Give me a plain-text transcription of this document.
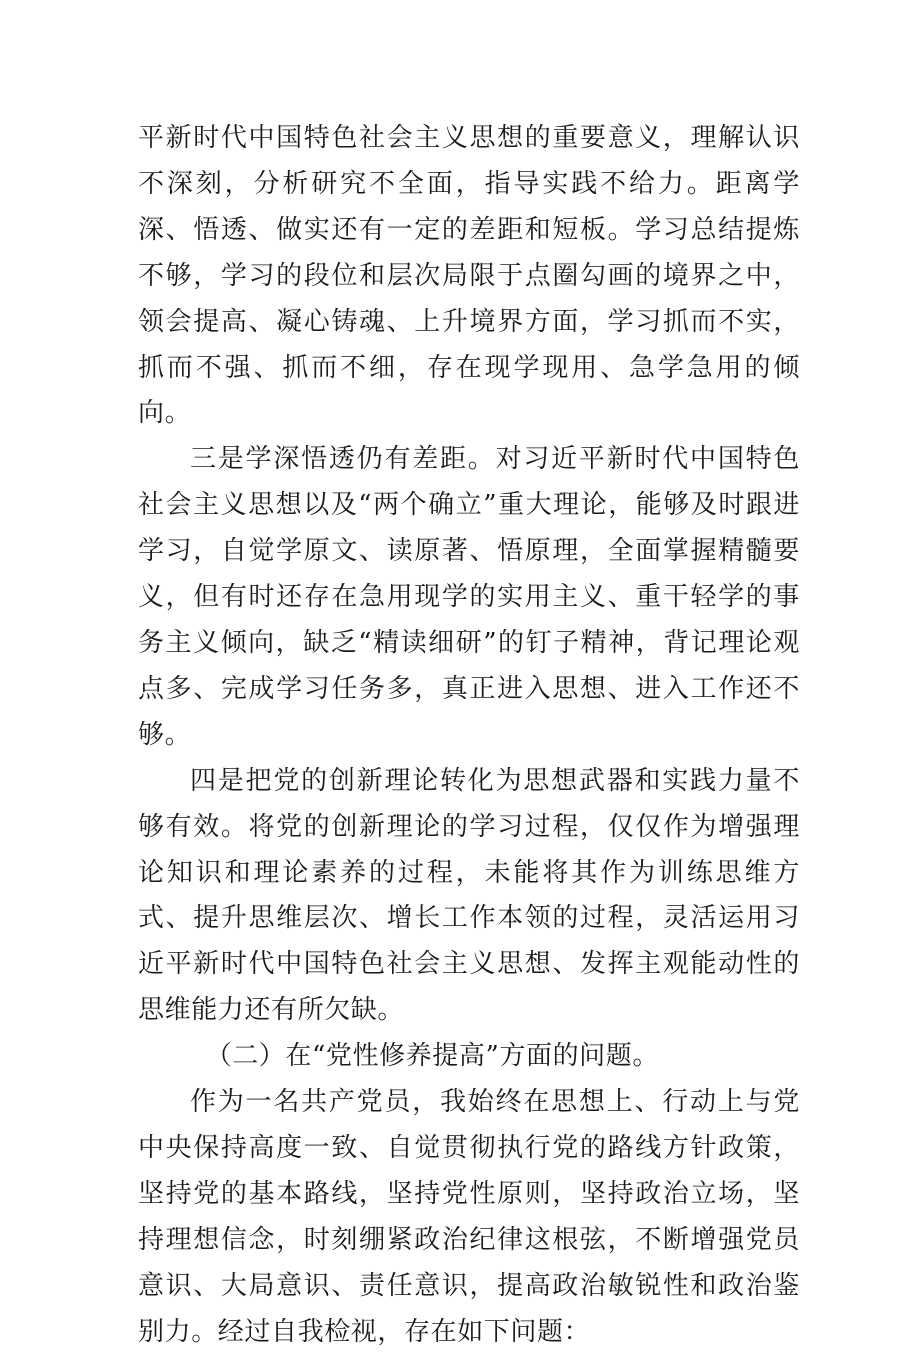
平新时代中国特色社会主义思想的重要意义，理解认识不深刻，分析研究不全面，指导实践不给力。距离学深、悟透、做实还有一定的差距和短板。学习总结提炼不够，学习的段位和层次局限于点圈勾画的境界之中，领会提高、凝心铸魂、上升境界方面，学习抓而不实，抓而不强、抓而不细，存在现学现用、急学急用的倾向。

三是学深悟透仍有差距。对习近平新时代中国特色社会主义思想以及“两个确立”重大理论，能够及时跟进学习，自觉学原文、读原著、悟原理，全面掌握精髓要义，但有时还存在急用现学的实用主义、重干轻学的事务主义倾向，缺乏“精读细研”的钉子精神，背记理论观点多、完成学习任务多，真正进入思想、进入工作还不够。

四是把党的创新理论转化为思想武器和实践力量不够有效。将党的创新理论的学习过程，仅仅作为增强理论知识和理论素养的过程，未能将其作为训练思维方式、提升思维层次、增长工作本领的过程，灵活运用习近平新时代中国特色社会主义思想、发挥主观能动性的思维能力还有所欠缺。

（二）在“党性修养提高”方面的问题。

作为一名共产党员，我始终在思想上、行动上与党中央保持高度一致、自觉贯彻执行党的路线方针政策，坚持党的基本路线，坚持党性原则，坚持政治立场，坚持理想信念，时刻绷紧政治纪律这根弦，不断增强党员意识、大局意识、责任意识，提高政治敏锐性和政治鉴别力。经过自我检视，存在如下问题：
